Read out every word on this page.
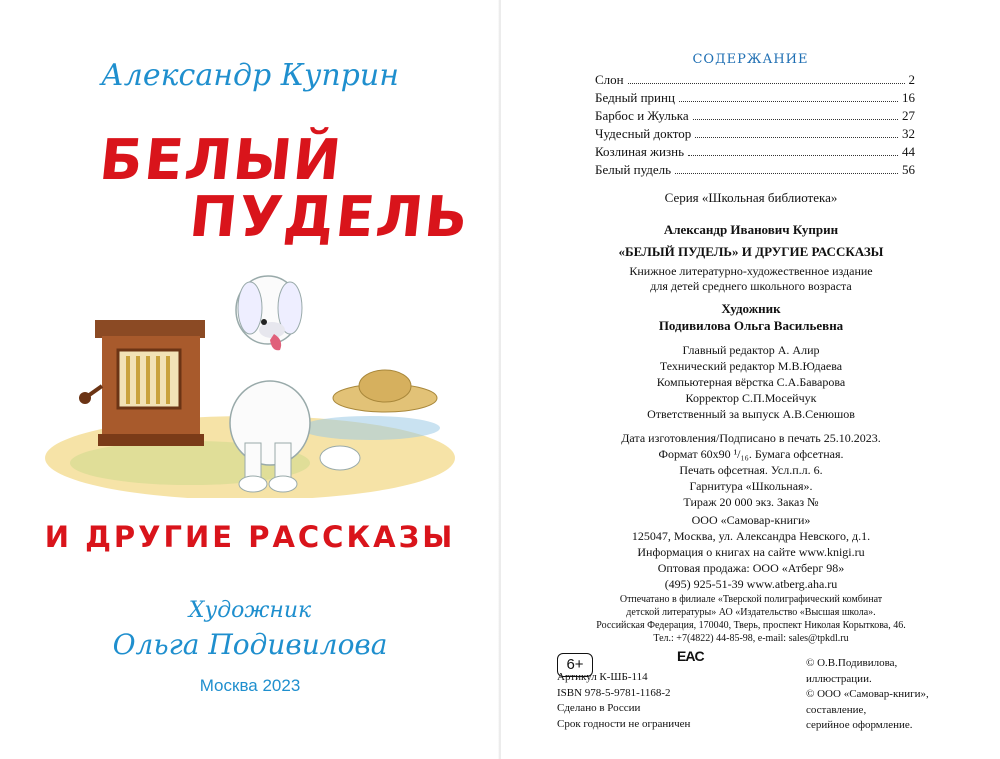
Александр Куприн
БЕЛЫЙ
ПУДЕЛЬ
И ДРУГИЕ РАССКАЗЫ
Художник
Ольга Подивилова
Москва 2023
СОДЕРЖАНИЕ
Слон	2
Бедный принц	16
Барбос и Жулька	27
Чудесный доктор	32
Козлиная жизнь	44
Белый пудель	56
Серия «Школьная библиотека»
Александр Иванович Куприн
«БЕЛЫЙ ПУДЕЛЬ» И ДРУГИЕ РАССКАЗЫ
Книжное литературно-художественное издание
для детей среднего школьного возраста
Художник
Подивилова Ольга Васильевна
Главный редактор А. Алир
Технический редактор М.В.Юдаева
Компьютерная вёрстка С.А.Баварова
Корректор С.П.Мосейчук
Ответственный за выпуск А.В.Сенюшов
Дата изготовления/Подписано в печать 25.10.2023.
Формат 60x90 ¹/₁₆. Бумага офсетная.
Печать офсетная. Усл.п.л. 6.
Гарнитура «Школьная».
Тираж 20 000 экз. Заказ №
ООО «Самовар-книги»
125047, Москва, ул. Александра Невского, д.1.
Информация о книгах на сайте www.knigi.ru
Оптовая продажа: ООО «Атберг 98»
(495) 925-51-39 www.atberg.aha.ru
Отпечатано в филиале «Тверской полиграфический комбинат
детской литературы» АО «Издательство «Высшая школа».
Российская Федерация, 170040, Тверь, проспект Николая Корыткова, 46.
Тел.: +7(4822) 44-85-98, e-mail: sales@tpkdl.ru
6+	EAC
Артикул К-ШБ-114
ISBN 978-5-9781-1168-2
Сделано в России
Срок годности не ограничен
© О.В.Подивилова,
иллюстрации.
© ООО «Самовар-книги»,
составление,
серийное оформление.
